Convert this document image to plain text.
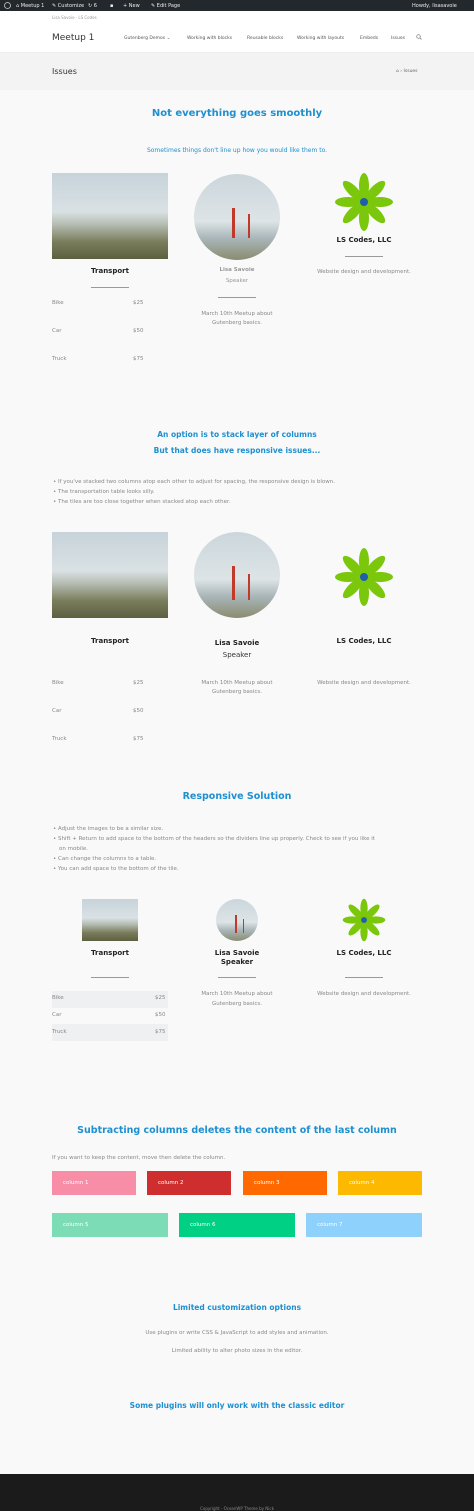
⌂ Meetup 1 ✎ Customize ↻ 6	▪ + New ✎ Edit Page	Howdy, lisasavoie
Lisa Savoie · LS Codes
Meetup 1	Gutenberg Demos ⌄	Working with blocks	Reusable blocks	Working with layouts	Embeds	Issues
Issues	⌂ › Issues
Not everything goes smoothly
Sometimes things don't line up how you would like them to.
Transport
Bike	$25
Car	$50
Truck	$75
Lisa Savoie
Speaker
March 10th Meetup about
Gutenberg basics.
LS Codes, LLC
Website design and development.
An option is to stack layer of columns
But that does have responsive issues...
• If you've stacked two columns atop each other to adjust for spacing, the responsive design is blown.
• The transportation table looks silly.
• The tiles are too close together when stacked atop each other.
Transport
Bike	$25
Car	$50
Truck	$75
Lisa Savoie
Speaker
March 10th Meetup about
Gutenberg basics.
LS Codes, LLC
Website design and development.
Responsive Solution
• Adjust the images to be a similar size.
• Shift + Return to add space to the bottom of the headers so the dividers line up properly. Check to see if you like it
on mobile.
• Can change the columns to a table.
• You can add space to the bottom of the tile.
Transport
Bike	$25
Car	$50
Truck	$75
Lisa Savoie
Speaker
March 10th Meetup about
Gutenberg basics.
LS Codes, LLC
Website design and development.
Subtracting columns deletes the content of the last column
If you want to keep the content, move then delete the column.
column 1	column 2	column 3	column 4
column 5	column 6	column 7
Limited customization options
Use plugins or write CSS & JavaScript to add styles and animation.
Limited ability to alter photo sizes in the editor.
Some plugins will only work with the classic editor
Copyright - OceanWP Theme by Nick
